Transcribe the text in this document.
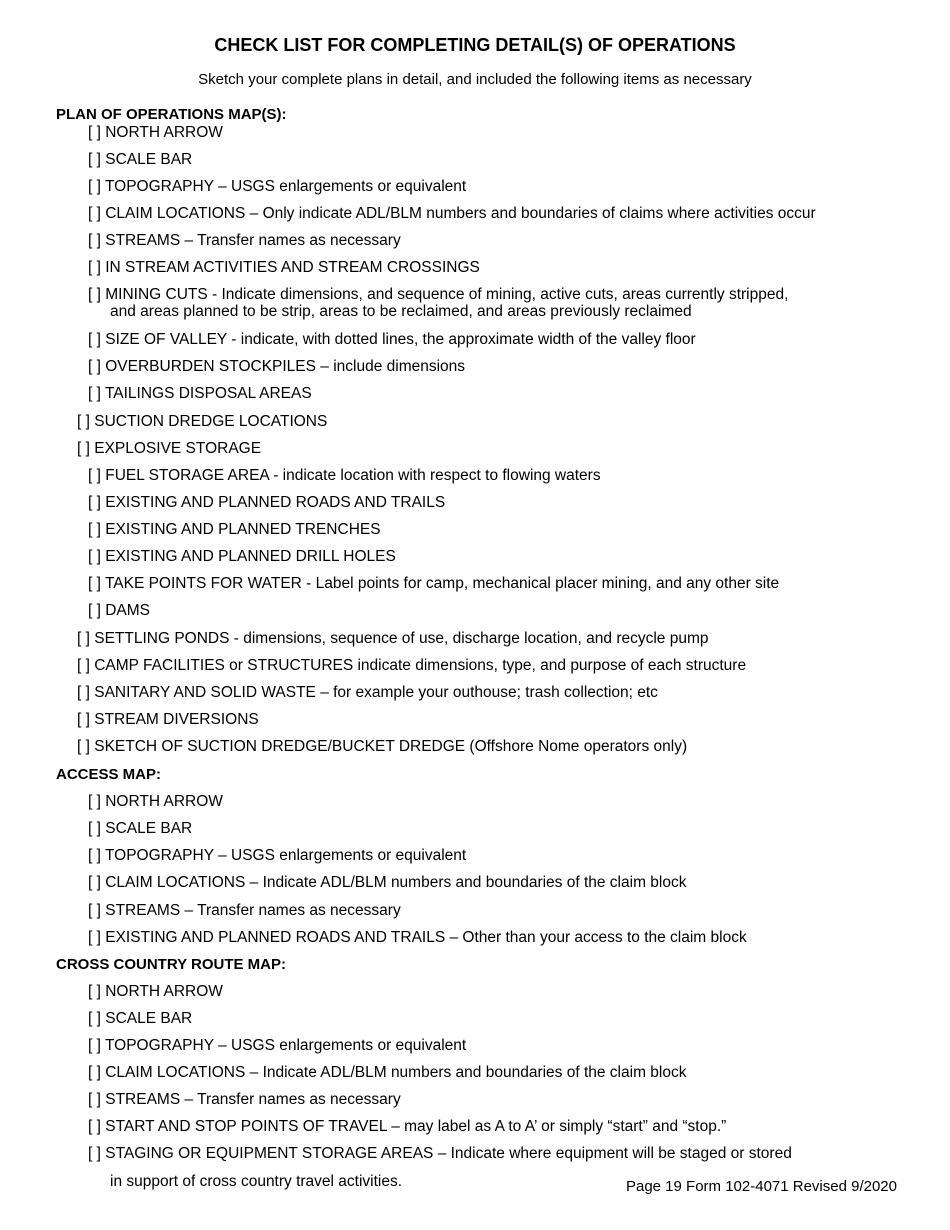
CHECK LIST FOR COMPLETING DETAIL(S) OF OPERATIONS
Sketch your complete plans in detail, and included the following items as necessary
PLAN OF OPERATIONS MAP(S):
[ ] NORTH ARROW
[ ] SCALE BAR
[ ] TOPOGRAPHY – USGS enlargements or equivalent
[ ] CLAIM LOCATIONS – Only indicate ADL/BLM numbers and boundaries of claims where activities occur
[ ] STREAMS – Transfer names as necessary
[ ] IN STREAM ACTIVITIES AND STREAM CROSSINGS
[ ] MINING CUTS - Indicate dimensions, and sequence of mining, active cuts, areas currently stripped,
and areas planned to be strip, areas to be reclaimed, and areas previously reclaimed
[ ] SIZE OF VALLEY - indicate, with dotted lines, the approximate width of the valley floor
[ ] OVERBURDEN STOCKPILES – include dimensions
[ ] TAILINGS DISPOSAL AREAS
[ ] SUCTION DREDGE LOCATIONS
[ ] EXPLOSIVE STORAGE
[ ] FUEL STORAGE AREA - indicate location with respect to flowing waters
[ ] EXISTING AND PLANNED ROADS AND TRAILS
[ ] EXISTING AND PLANNED TRENCHES
[ ] EXISTING AND PLANNED DRILL HOLES
[ ] TAKE POINTS FOR WATER - Label points for camp, mechanical placer mining, and any other site
[ ] DAMS
[ ] SETTLING PONDS - dimensions, sequence of use, discharge location, and recycle pump
[ ] CAMP FACILITIES or STRUCTURES indicate dimensions, type, and purpose of each structure
[ ] SANITARY AND SOLID WASTE – for example your outhouse; trash collection; etc
[ ] STREAM DIVERSIONS
[ ] SKETCH OF SUCTION DREDGE/BUCKET DREDGE (Offshore Nome operators only)
ACCESS MAP:
[ ] NORTH ARROW
[ ] SCALE BAR
[ ] TOPOGRAPHY – USGS enlargements or equivalent
[ ] CLAIM LOCATIONS – Indicate ADL/BLM numbers and boundaries of the claim block
[ ] STREAMS – Transfer names as necessary
[ ] EXISTING AND PLANNED ROADS AND TRAILS – Other than your access to the claim block
CROSS COUNTRY ROUTE MAP:
[ ] NORTH ARROW
[ ] SCALE BAR
[ ] TOPOGRAPHY – USGS enlargements or equivalent
[ ] CLAIM LOCATIONS – Indicate ADL/BLM numbers and boundaries of the claim block
[ ] STREAMS – Transfer names as necessary
[ ] START AND STOP POINTS OF TRAVEL – may label as A to A’ or simply “start” and “stop.”
[ ] STAGING OR EQUIPMENT STORAGE AREAS – Indicate where equipment will be staged or stored
in support of cross country travel activities.	Page 19 Form 102-4071 Revised 9/2020
